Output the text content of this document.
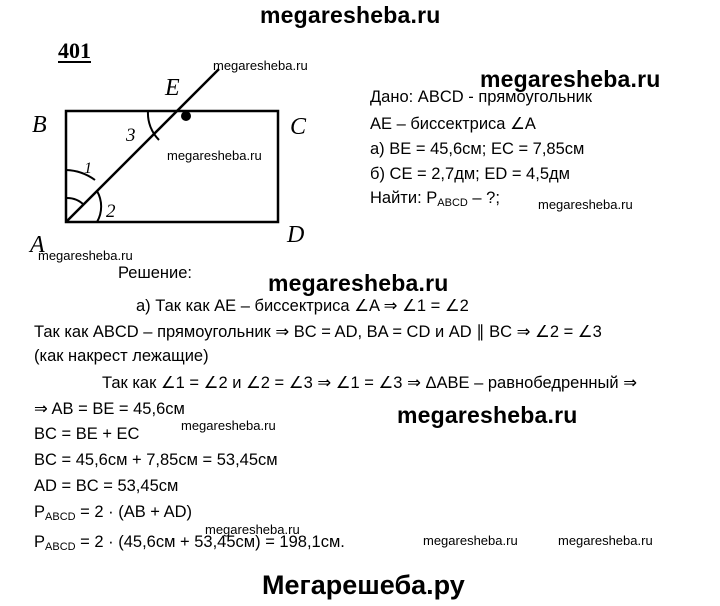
megaresheba.ru
401
B	C
D
A
E
1
2
3
megaresheba.ru
megaresheba.ru
megaresheba.ru
megaresheba.ru
Дано: ABCD - прямоугольник
AE – биссектриса ∠A
а) BE = 45,6см; EC = 7,85см
б) CE = 2,7дм; ED = 4,5дм
Найти: $P_{ABCD}$ – ?;	megaresheba.ru
Решение:	megaresheba.ru
а) Так как AE – биссектриса ∠A ⇒ ∠1 = ∠2
Так как ABCD – прямоугольник ⇒ BC = AD, BA = CD и AD ∥ BC ⇒ ∠2 = ∠3
(как накрест лежащие)
Так как ∠1 = ∠2 и ∠2 = ∠3 ⇒ ∠1 = ∠3 ⇒ ΔABE – равнобедренный ⇒
⇒ AB = BE = 45,6см	megaresheba.ru
BC = BE + EC	megaresheba.ru
BC = 45,6см + 7,85см = 53,45см
AD = BC = 53,45см
$P_{ABCD} = 2 \cdot (AB + AD)$
megaresheba.ru
$P_{ABCD} = 2 \cdot (45,6см + 53,45см) = 198,1см$.	megaresheba.ru	megaresheba.ru
Мегарешеба.ру
